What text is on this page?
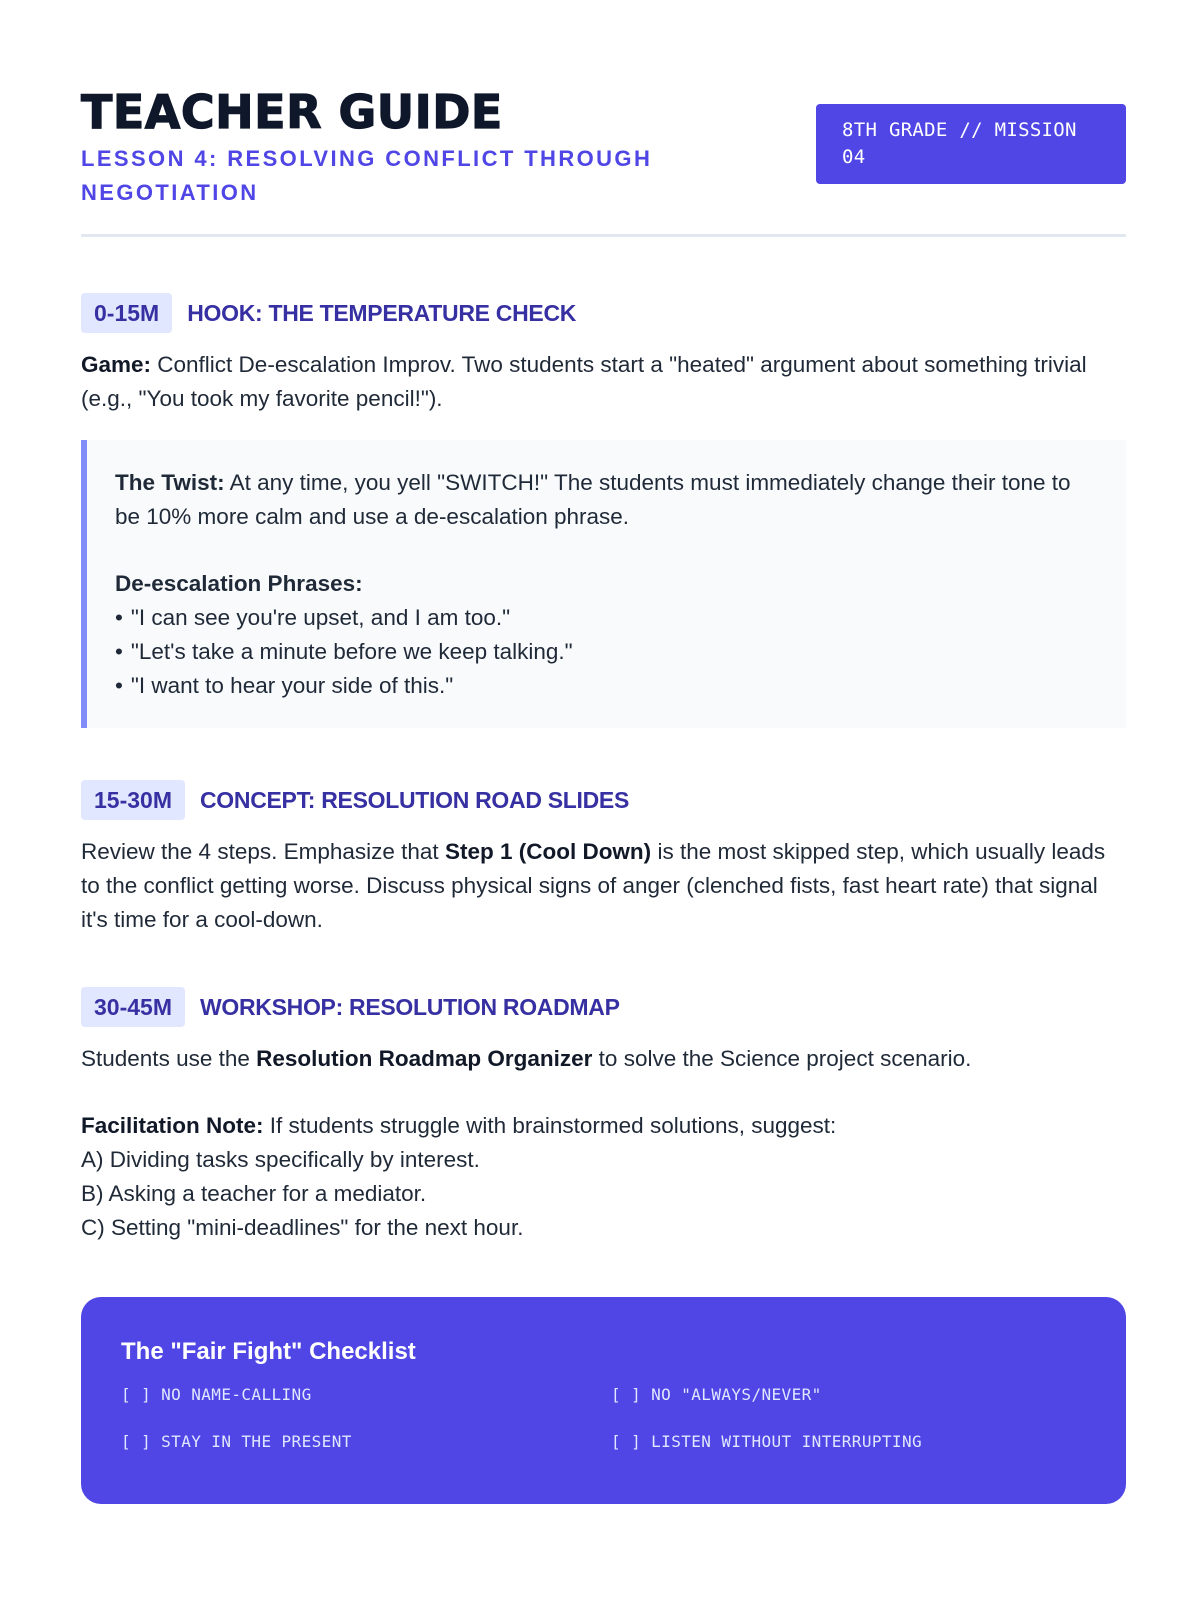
TEACHER GUIDE
LESSON 4: RESOLVING CONFLICT THROUGH NEGOTIATION
8TH GRADE // MISSION 04
0-15M	HOOK: THE TEMPERATURE CHECK
Game: Conflict De-escalation Improv. Two students start a "heated" argument about something trivial (e.g., "You took my favorite pencil!").
The Twist: At any time, you yell "SWITCH!" The students must immediately change their tone to be 10% more calm and use a de-escalation phrase.
De-escalation Phrases:
• "I can see you're upset, and I am too."
• "Let's take a minute before we keep talking."
• "I want to hear your side of this."
15-30M	CONCEPT: RESOLUTION ROAD SLIDES
Review the 4 steps. Emphasize that Step 1 (Cool Down) is the most skipped step, which usually leads to the conflict getting worse. Discuss physical signs of anger (clenched fists, fast heart rate) that signal it's time for a cool-down.
30-45M	WORKSHOP: RESOLUTION ROADMAP
Students use the Resolution Roadmap Organizer to solve the Science project scenario.
Facilitation Note: If students struggle with brainstormed solutions, suggest:
A) Dividing tasks specifically by interest.
B) Asking a teacher for a mediator.
C) Setting "mini-deadlines" for the next hour.
The "Fair Fight" Checklist
[ ] NO NAME-CALLING	[ ] NO "ALWAYS/NEVER"
[ ] STAY IN THE PRESENT	[ ] LISTEN WITHOUT INTERRUPTING
